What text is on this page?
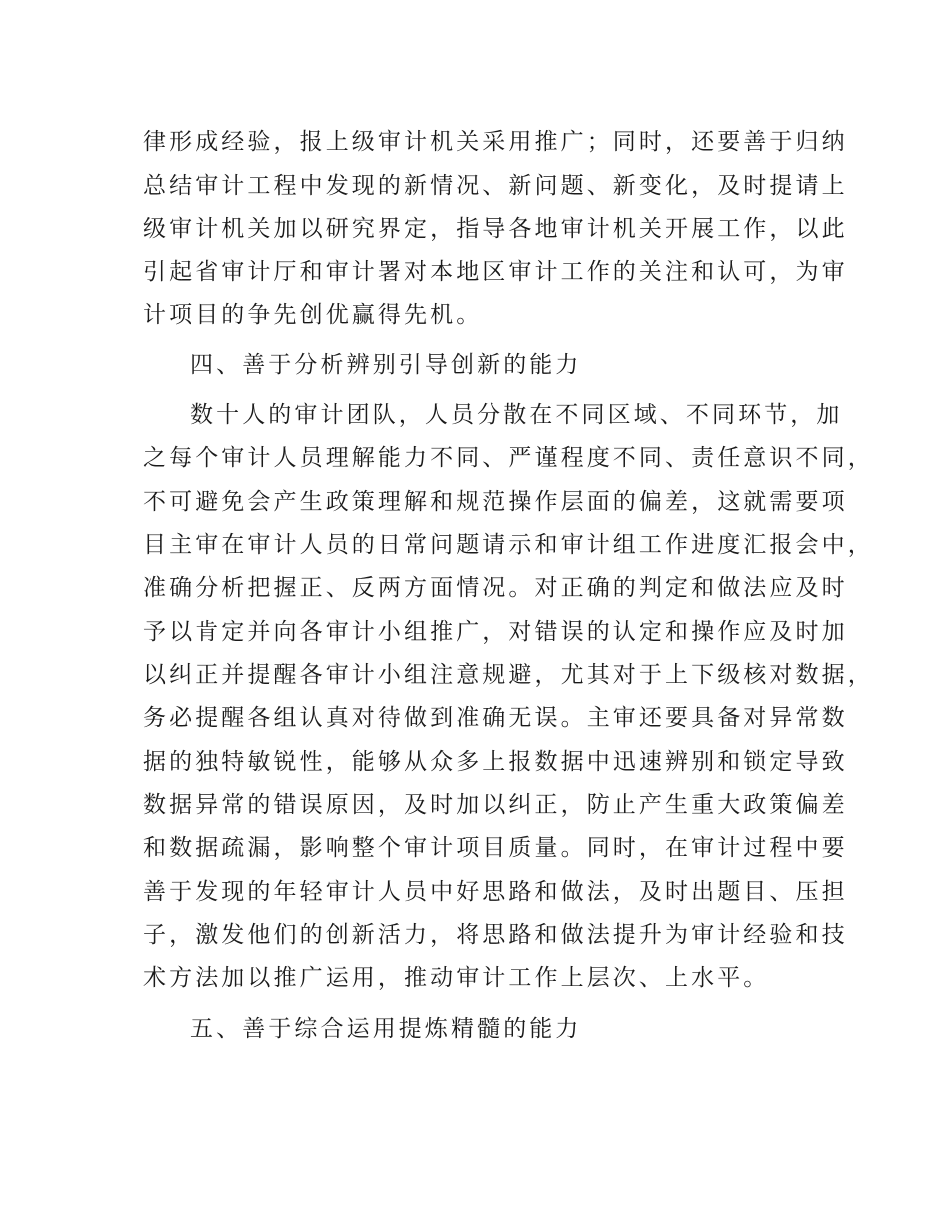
律形成经验，报上级审计机关采用推广；同时，还要善于归纳
总结审计工程中发现的新情况、新问题、新变化，及时提请上
级审计机关加以研究界定，指导各地审计机关开展工作，以此
引起省审计厅和审计署对本地区审计工作的关注和认可，为审
计项目的争先创优赢得先机。
四、善于分析辨别引导创新的能力
数十人的审计团队，人员分散在不同区域、不同环节，加
之每个审计人员理解能力不同、严谨程度不同、责任意识不同，
不可避免会产生政策理解和规范操作层面的偏差，这就需要项
目主审在审计人员的日常问题请示和审计组工作进度汇报会中，
准确分析把握正、反两方面情况。对正确的判定和做法应及时
予以肯定并向各审计小组推广，对错误的认定和操作应及时加
以纠正并提醒各审计小组注意规避，尤其对于上下级核对数据，
务必提醒各组认真对待做到准确无误。主审还要具备对异常数
据的独特敏锐性，能够从众多上报数据中迅速辨别和锁定导致
数据异常的错误原因，及时加以纠正，防止产生重大政策偏差
和数据疏漏，影响整个审计项目质量。同时，在审计过程中要
善于发现的年轻审计人员中好思路和做法，及时出题目、压担
子，激发他们的创新活力，将思路和做法提升为审计经验和技
术方法加以推广运用，推动审计工作上层次、上水平。
五、善于综合运用提炼精髓的能力
